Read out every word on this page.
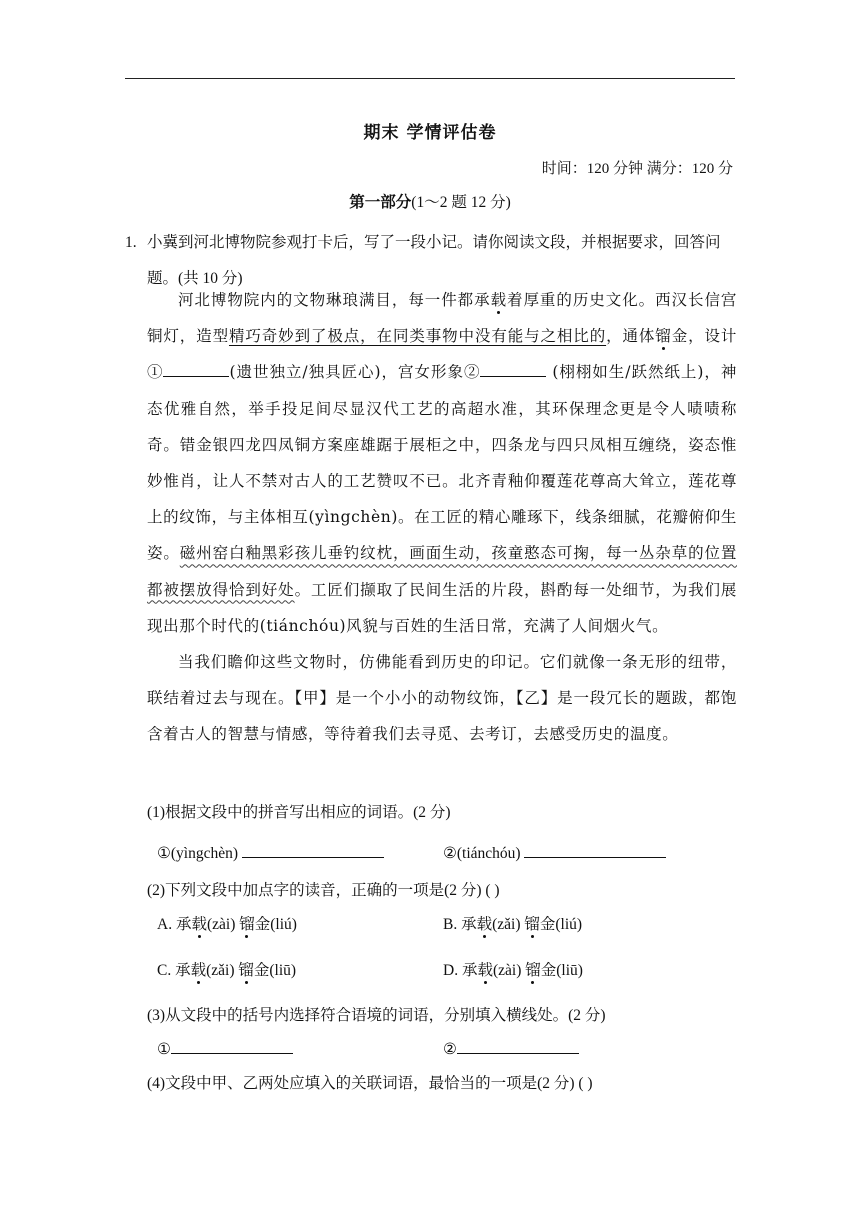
期末 学情评估卷
时间：120 分钟 满分：120 分
第一部分(1～2 题 12 分)
1. 小冀到河北博物院参观打卡后，写了一段小记。请你阅读文段，并根据要求，回答问题。(共 10 分)

河北博物院内的文物琳琅满目，每一件都承载着厚重的历史文化。西汉长信宫铜灯，造型精巧奇妙到了极点，在同类事物中没有能与之相比的，通体镏金，设计①	(遗世独立/独具匠心)，宫女形象②	(栩栩如生/跃然纸上)，神态优雅自然，举手投足间尽显汉代工艺的高超水准，其环保理念更是令人啧啧称奇。错金银四龙四凤铜方案座雄踞于展柜之中，四条龙与四只凤相互缠绕，姿态惟妙惟肖，让人不禁对古人的工艺赞叹不已。北齐青釉仰覆莲花尊高大耸立，莲花尊上的纹饰，与主体相互(yìngchèn)。在工匠的精心雕琢下，线条细腻，花瓣俯仰生姿。磁州窑白釉黑彩孩儿垂钓纹枕，画面生动，孩童憨态可掬，每一丛杂草的位置都被摆放得恰到好处。工匠们撷取了民间生活的片段，斟酌每一处细节，为我们展现出那个时代的(tiánchóu)风貌与百姓的生活日常，充满了人间烟火气。

当我们瞻仰这些文物时，仿佛能看到历史的印记。它们就像一条无形的纽带，联结着过去与现在。【甲】是一个小小的动物纹饰，【乙】是一段冗长的题跋，都饱含着古人的智慧与情感，等待着我们去寻觅、去考订，去感受历史的温度。

(1)根据文段中的拼音写出相应的词语。(2 分)
①(yìngchèn)	②(tiánchóu)
(2)下列文段中加点字的读音，正确的一项是(2 分) ( )
A. 承载(zài) 镏金(liú)	B. 承载(zǎi) 镏金(liú)
C. 承载(zǎi) 镏金(liū)	D. 承载(zài) 镏金(liū)
(3)从文段中的括号内选择符合语境的词语，分别填入横线处。(2 分)
①	②
(4)文段中甲、乙两处应填入的关联词语，最恰当的一项是(2 分) ( )
